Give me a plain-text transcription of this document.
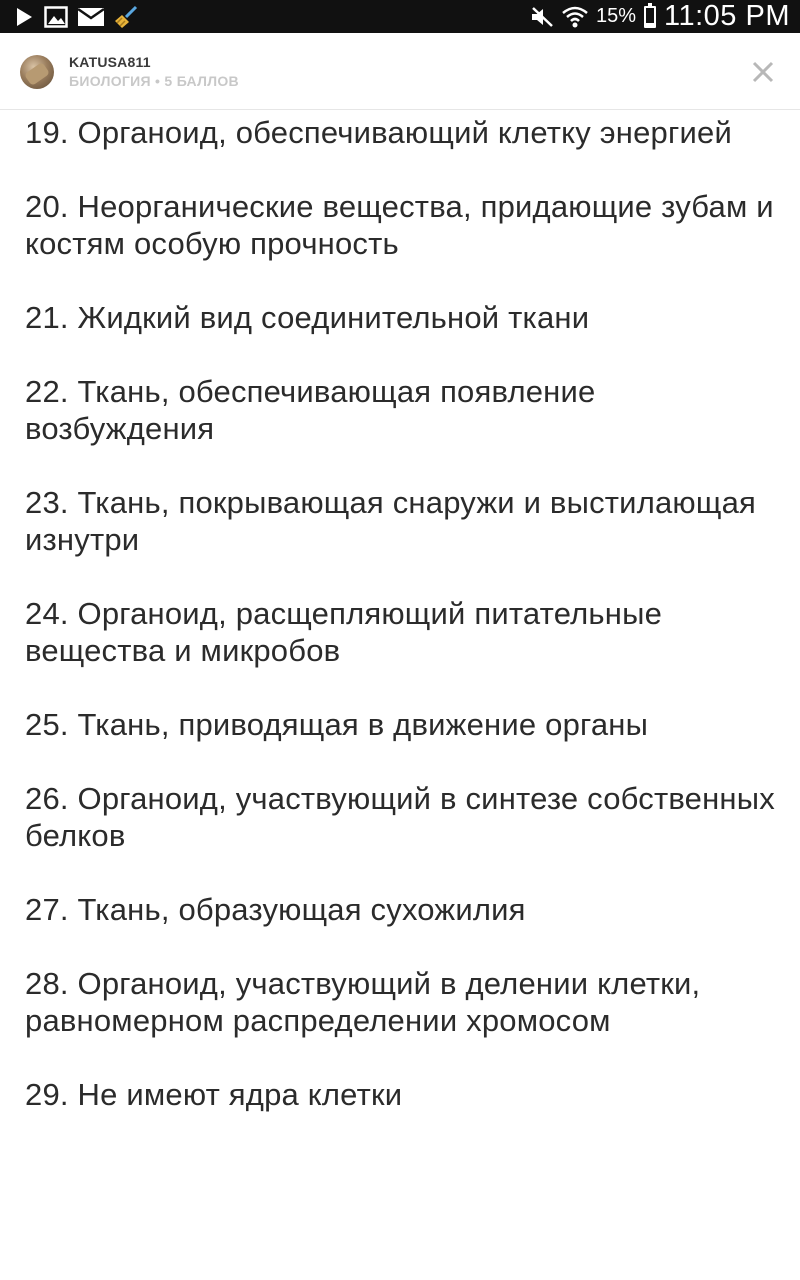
15% 11:05 PM
KATUSA811
БИОЛОГИЯ • 5 БАЛЛОВ

19. Органоид, обеспечивающий клетку энергией

20. Неорганические вещества, придающие зубам и костям особую прочность

21. Жидкий вид соединительной ткани

22. Ткань, обеспечивающая появление возбуждения

23. Ткань, покрывающая снаружи и выстилающая изнутри

24. Органоид, расщепляющий питательные вещества и микробов

25. Ткань, приводящая в движение органы

26. Органоид, участвующий в синтезе собственных белков

27. Ткань, образующая сухожилия

28. Органоид, участвующий в делении клетки, равномерном распределении хромосом

29. Не имеют ядра клетки
